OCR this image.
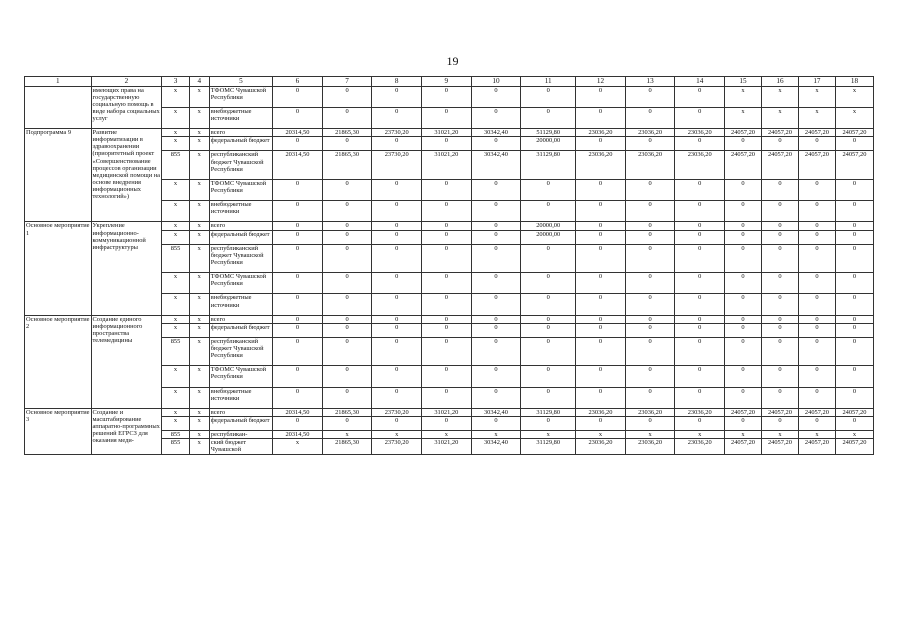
19
1	2	3	4	5	6	7	8	9	10	11	12	13	14	15	16	17	18
	имеющих права на государственную социальную помощь в виде набора социальных услуг	x	x	ТФОМС Чувашской Республики	0	0	0	0	0	0	0	0	0	x	x	x	x
		x	x	внебюджетные источники	0	0	0	0	0	0	0	0	0	x	x	x	x
Подпрограмма 9	Развитие информатизации в здравоохранении (приоритетный проект «Совершенствование процессов организации медицинской помощи на основе внедрения информационных технологий»)	x	x	всего	20314,50	21865,30	23730,20	31021,20	30342,40	51129,80	23036,20	23036,20	23036,20	24057,20	24057,20	24057,20	24057,20
		x	x	федеральный бюджет	0	0	0	0	0	20000,00	0	0	0	0	0	0	0
		855	x	республиканский бюджет Чувашской Республики	20314,50	21865,30	23730,20	31021,20	30342,40	31129,80	23036,20	23036,20	23036,20	24057,20	24057,20	24057,20	24057,20
		x	x	ТФОМС Чувашской Республики	0	0	0	0	0	0	0	0	0	0	0	0	0
		x	x	внебюджетные источники	0	0	0	0	0	0	0	0	0	0	0	0	0
Основное мероприятие 1	Укрепление информационно-коммуникационной инфраструктуры	x	x	всего	0	0	0	0	0	20000,00	0	0	0	0	0	0	0
		x	x	федеральный бюджет	0	0	0	0	0	20000,00	0	0	0	0	0	0	0
		855	x	республиканский бюджет Чувашской Республики	0	0	0	0	0	0	0	0	0	0	0	0	0
		x	x	ТФОМС Чувашской Республики	0	0	0	0	0	0	0	0	0	0	0	0	0
		x	x	внебюджетные источники	0	0	0	0	0	0	0	0	0	0	0	0	0
Основное мероприятие 2	Создание единого информационного пространства телемедицины	x	x	всего	0	0	0	0	0	0	0	0	0	0	0	0	0
		x	x	федеральный бюджет	0	0	0	0	0	0	0	0	0	0	0	0	0
		855	x	республиканский бюджет Чувашской Республики	0	0	0	0	0	0	0	0	0	0	0	0	0
		x	x	ТФОМС Чувашской Республики	0	0	0	0	0	0	0	0	0	0	0	0	0
		x	x	внебюджетные источники	0	0	0	0	0	0	0	0	0	0	0	0	0
Основное мероприятие 3	Создание и масштабирование аппаратно-программных решений ЕГРСЗ для оказания меди-	x	x	всего	20314,50	21865,30	23730,20	31021,20	30342,40	31129,80	23036,20	23036,20	23036,20	24057,20	24057,20	24057,20	24057,20
		x	x	федеральный бюджет	0	0	0	0	0	0	0	0	0	0	0	0	0
		855	x	республикан-	20314,50	x	x	x	x	x	x	x	x	x	x	x	x
		855	x	ский бюджет Чувашской	x	21865,30	23730,20	31021,20	30342,40	31129,80	23036,20	23036,20	23036,20	24057,20	24057,20	24057,20	24057,20
